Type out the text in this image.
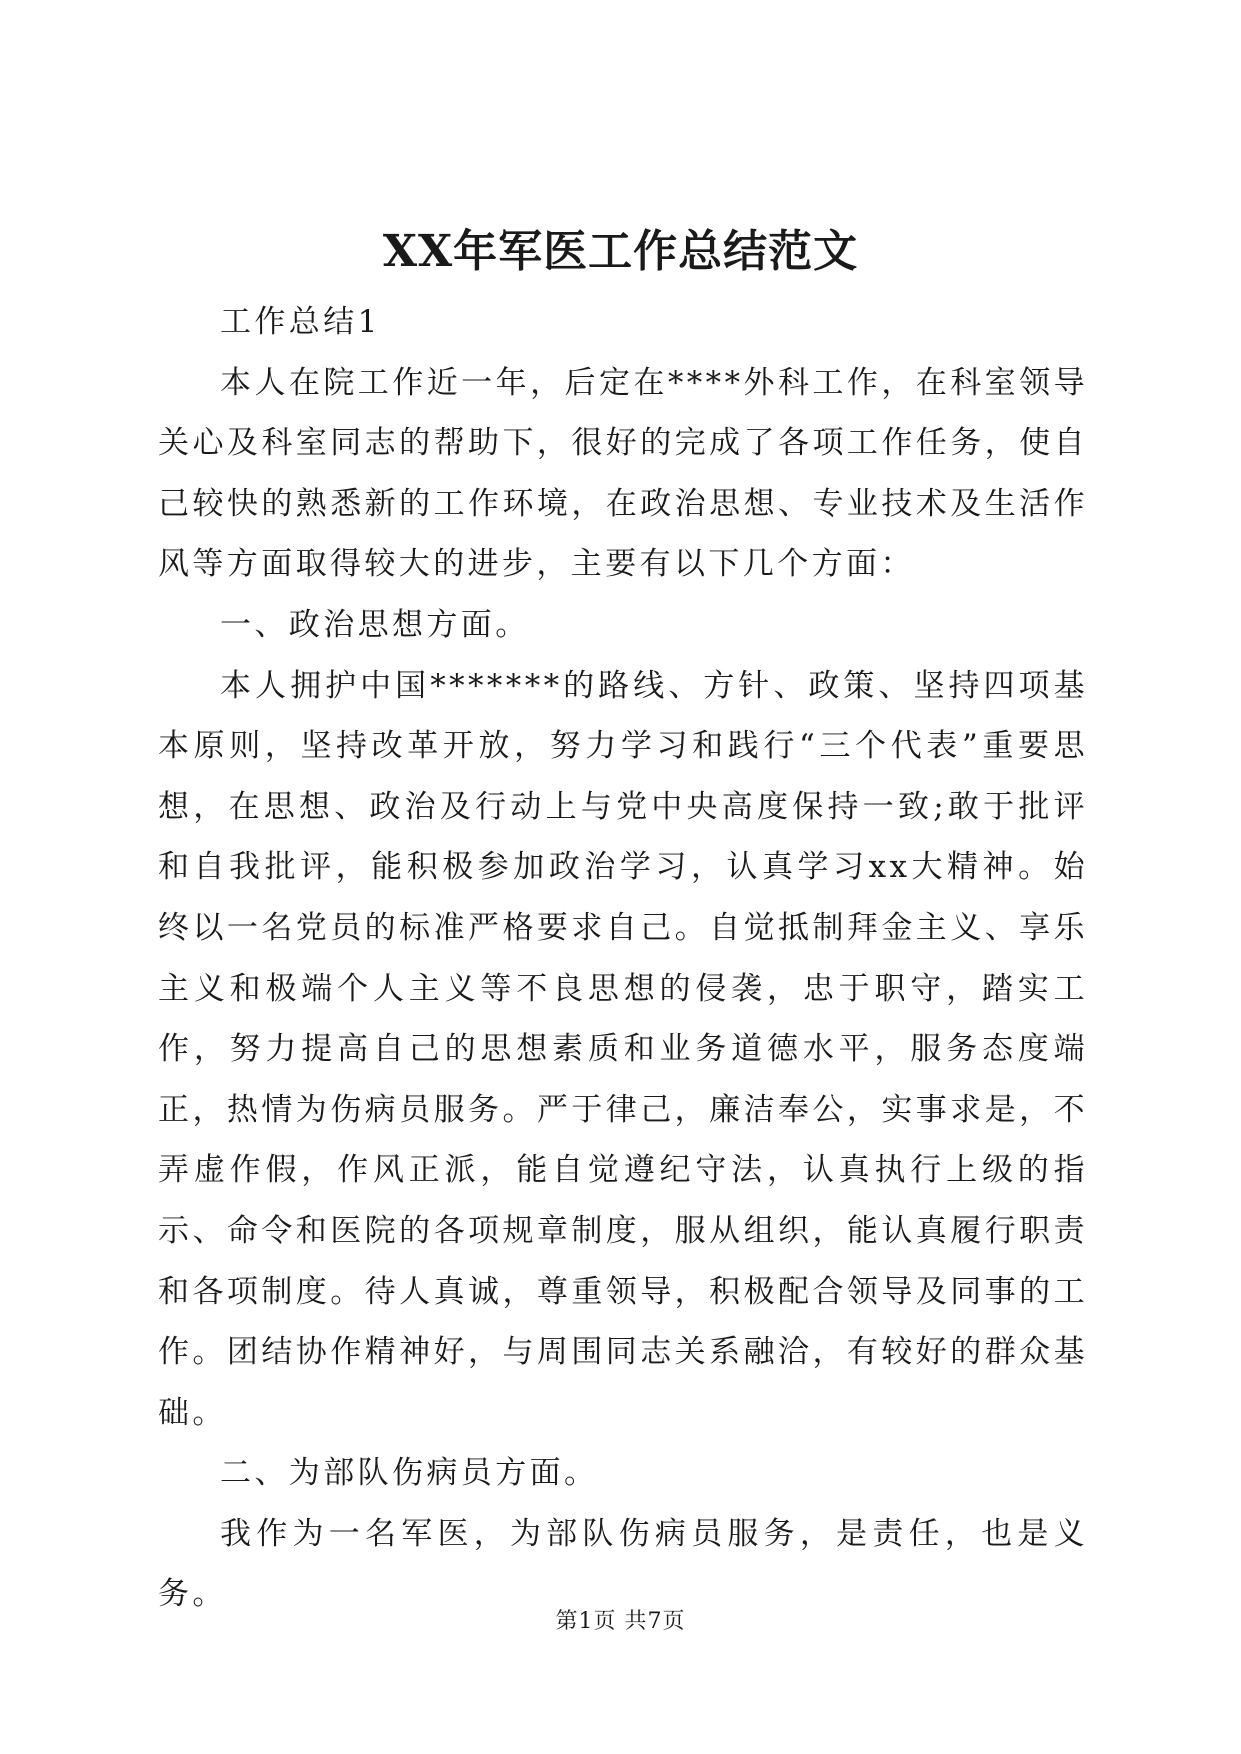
XX年军医工作总结范文

工作总结1

本人在院工作近一年，后定在****外科工作，在科室领导关心及科室同志的帮助下，很好的完成了各项工作任务，使自己较快的熟悉新的工作环境，在政治思想、专业技术及生活作风等方面取得较大的进步，主要有以下几个方面：

一、政治思想方面。

本人拥护中国*******的路线、方针、政策、坚持四项基本原则，坚持改革开放，努力学习和践行“三个代表”重要思想，在思想、政治及行动上与党中央高度保持一致;敢于批评和自我批评，能积极参加政治学习，认真学习xx大精神。始终以一名党员的标准严格要求自己。自觉抵制拜金主义、享乐主义和极端个人主义等不良思想的侵袭，忠于职守，踏实工作，努力提高自己的思想素质和业务道德水平，服务态度端正，热情为伤病员服务。严于律己，廉洁奉公，实事求是，不弄虚作假，作风正派，能自觉遵纪守法，认真执行上级的指示、命令和医院的各项规章制度，服从组织，能认真履行职责和各项制度。待人真诚，尊重领导，积极配合领导及同事的工作。团结协作精神好，与周围同志关系融洽，有较好的群众基础。

二、为部队伤病员方面。

我作为一名军医，为部队伤病员服务，是责任，也是义务。

第1页 共7页
